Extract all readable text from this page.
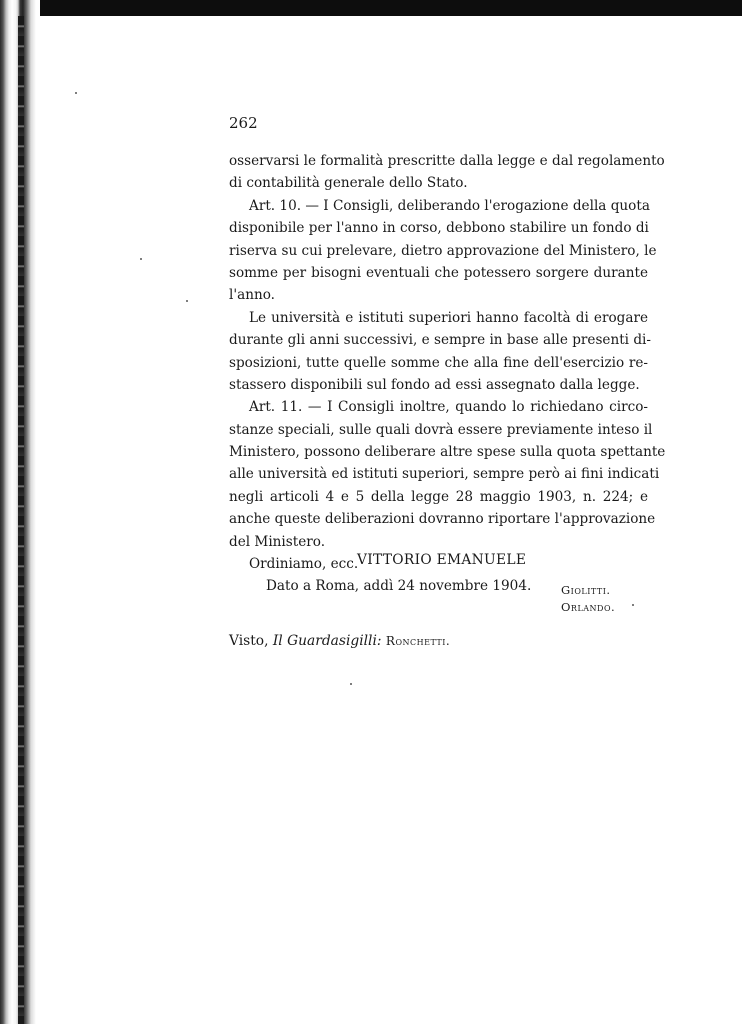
262
osservarsi le formalità prescritte dalla legge e dal regolamento
di contabilità generale dello Stato.
Art. 10. — I Consigli, deliberando l'erogazione della quota
disponibile per l'anno in corso, debbono stabilire un fondo di
riserva su cui prelevare, dietro approvazione del Ministero, le
somme per bisogni eventuali che potessero sorgere durante
l'anno.
Le università e istituti superiori hanno facoltà di erogare
durante gli anni successivi, e sempre in base alle presenti di-
sposizioni, tutte quelle somme che alla fine dell'esercizio re-
stassero disponibili sul fondo ad essi assegnato dalla legge.
Art. 11. — I Consigli inoltre, quando lo richiedano circo-
stanze speciali, sulle quali dovrà essere previamente inteso il
Ministero, possono deliberare altre spese sulla quota spettante
alle università ed istituti superiori, sempre però ai fini indicati
negli articoli 4 e 5 della legge 28 maggio 1903, n. 224; e
anche queste deliberazioni dovranno riportare l'approvazione
del Ministero.
Ordiniamo, ecc.
Dato a Roma, addì 24 novembre 1904.
VITTORIO EMANUELE
Giolitti.
Orlando.
Visto, Il Guardasigilli: Ronchetti.
